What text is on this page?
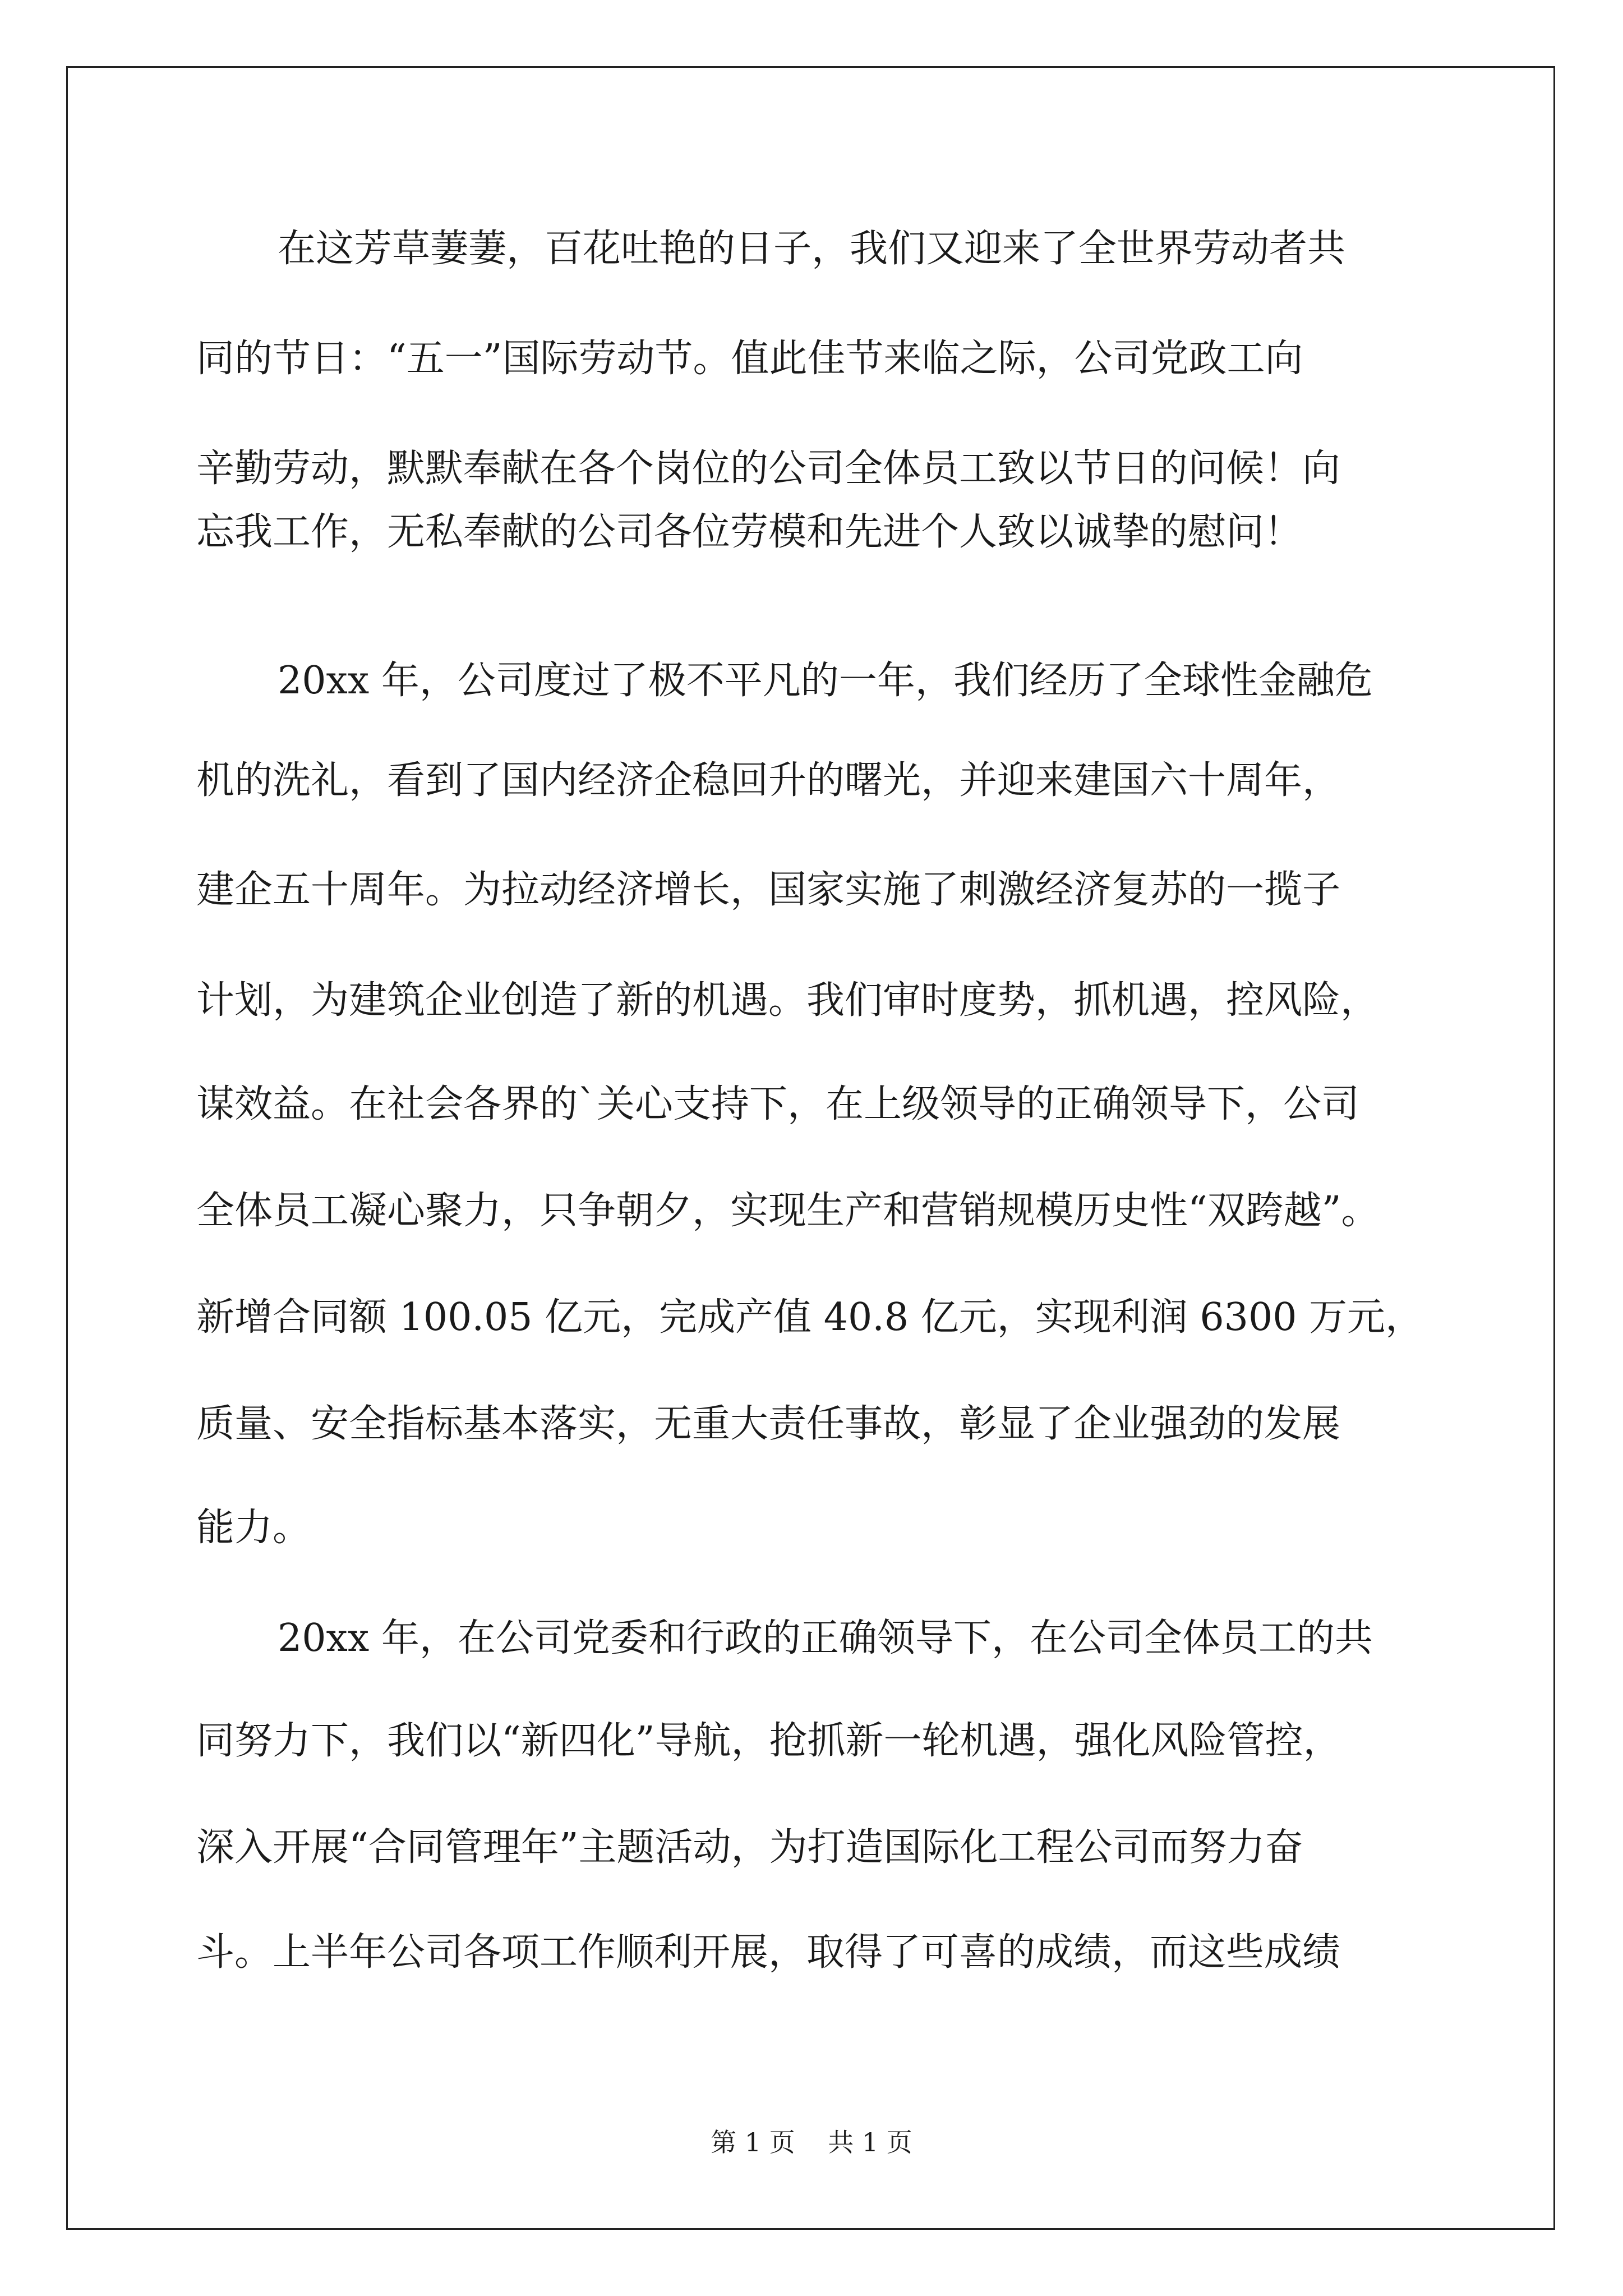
在这芳草萋萋，百花吐艳的日子，我们又迎来了全世界劳动者共
同的节日：“五一”国际劳动节。值此佳节来临之际，公司党政工向
辛勤劳动，默默奉献在各个岗位的公司全体员工致以节日的问候！向
忘我工作，无私奉献的公司各位劳模和先进个人致以诚挚的慰问！
20xx 年，公司度过了极不平凡的一年，我们经历了全球性金融危
机的洗礼，看到了国内经济企稳回升的曙光，并迎来建国六十周年，
建企五十周年。为拉动经济增长，国家实施了刺激经济复苏的一揽子
计划，为建筑企业创造了新的机遇。我们审时度势，抓机遇，控风险，
谋效益。在社会各界的`关心支持下，在上级领导的正确领导下，公司
全体员工凝心聚力，只争朝夕，实现生产和营销规模历史性“双跨越”。
新增合同额 100.05 亿元，完成产值 40.8 亿元，实现利润 6300 万元，
质量、安全指标基本落实，无重大责任事故，彰显了企业强劲的发展
能力。
20xx 年，在公司党委和行政的正确领导下，在公司全体员工的共
同努力下，我们以“新四化”导航，抢抓新一轮机遇，强化风险管控，
深入开展“合同管理年”主题活动，为打造国际化工程公司而努力奋
斗。上半年公司各项工作顺利开展，取得了可喜的成绩，而这些成绩
第 1 页    共 1 页
